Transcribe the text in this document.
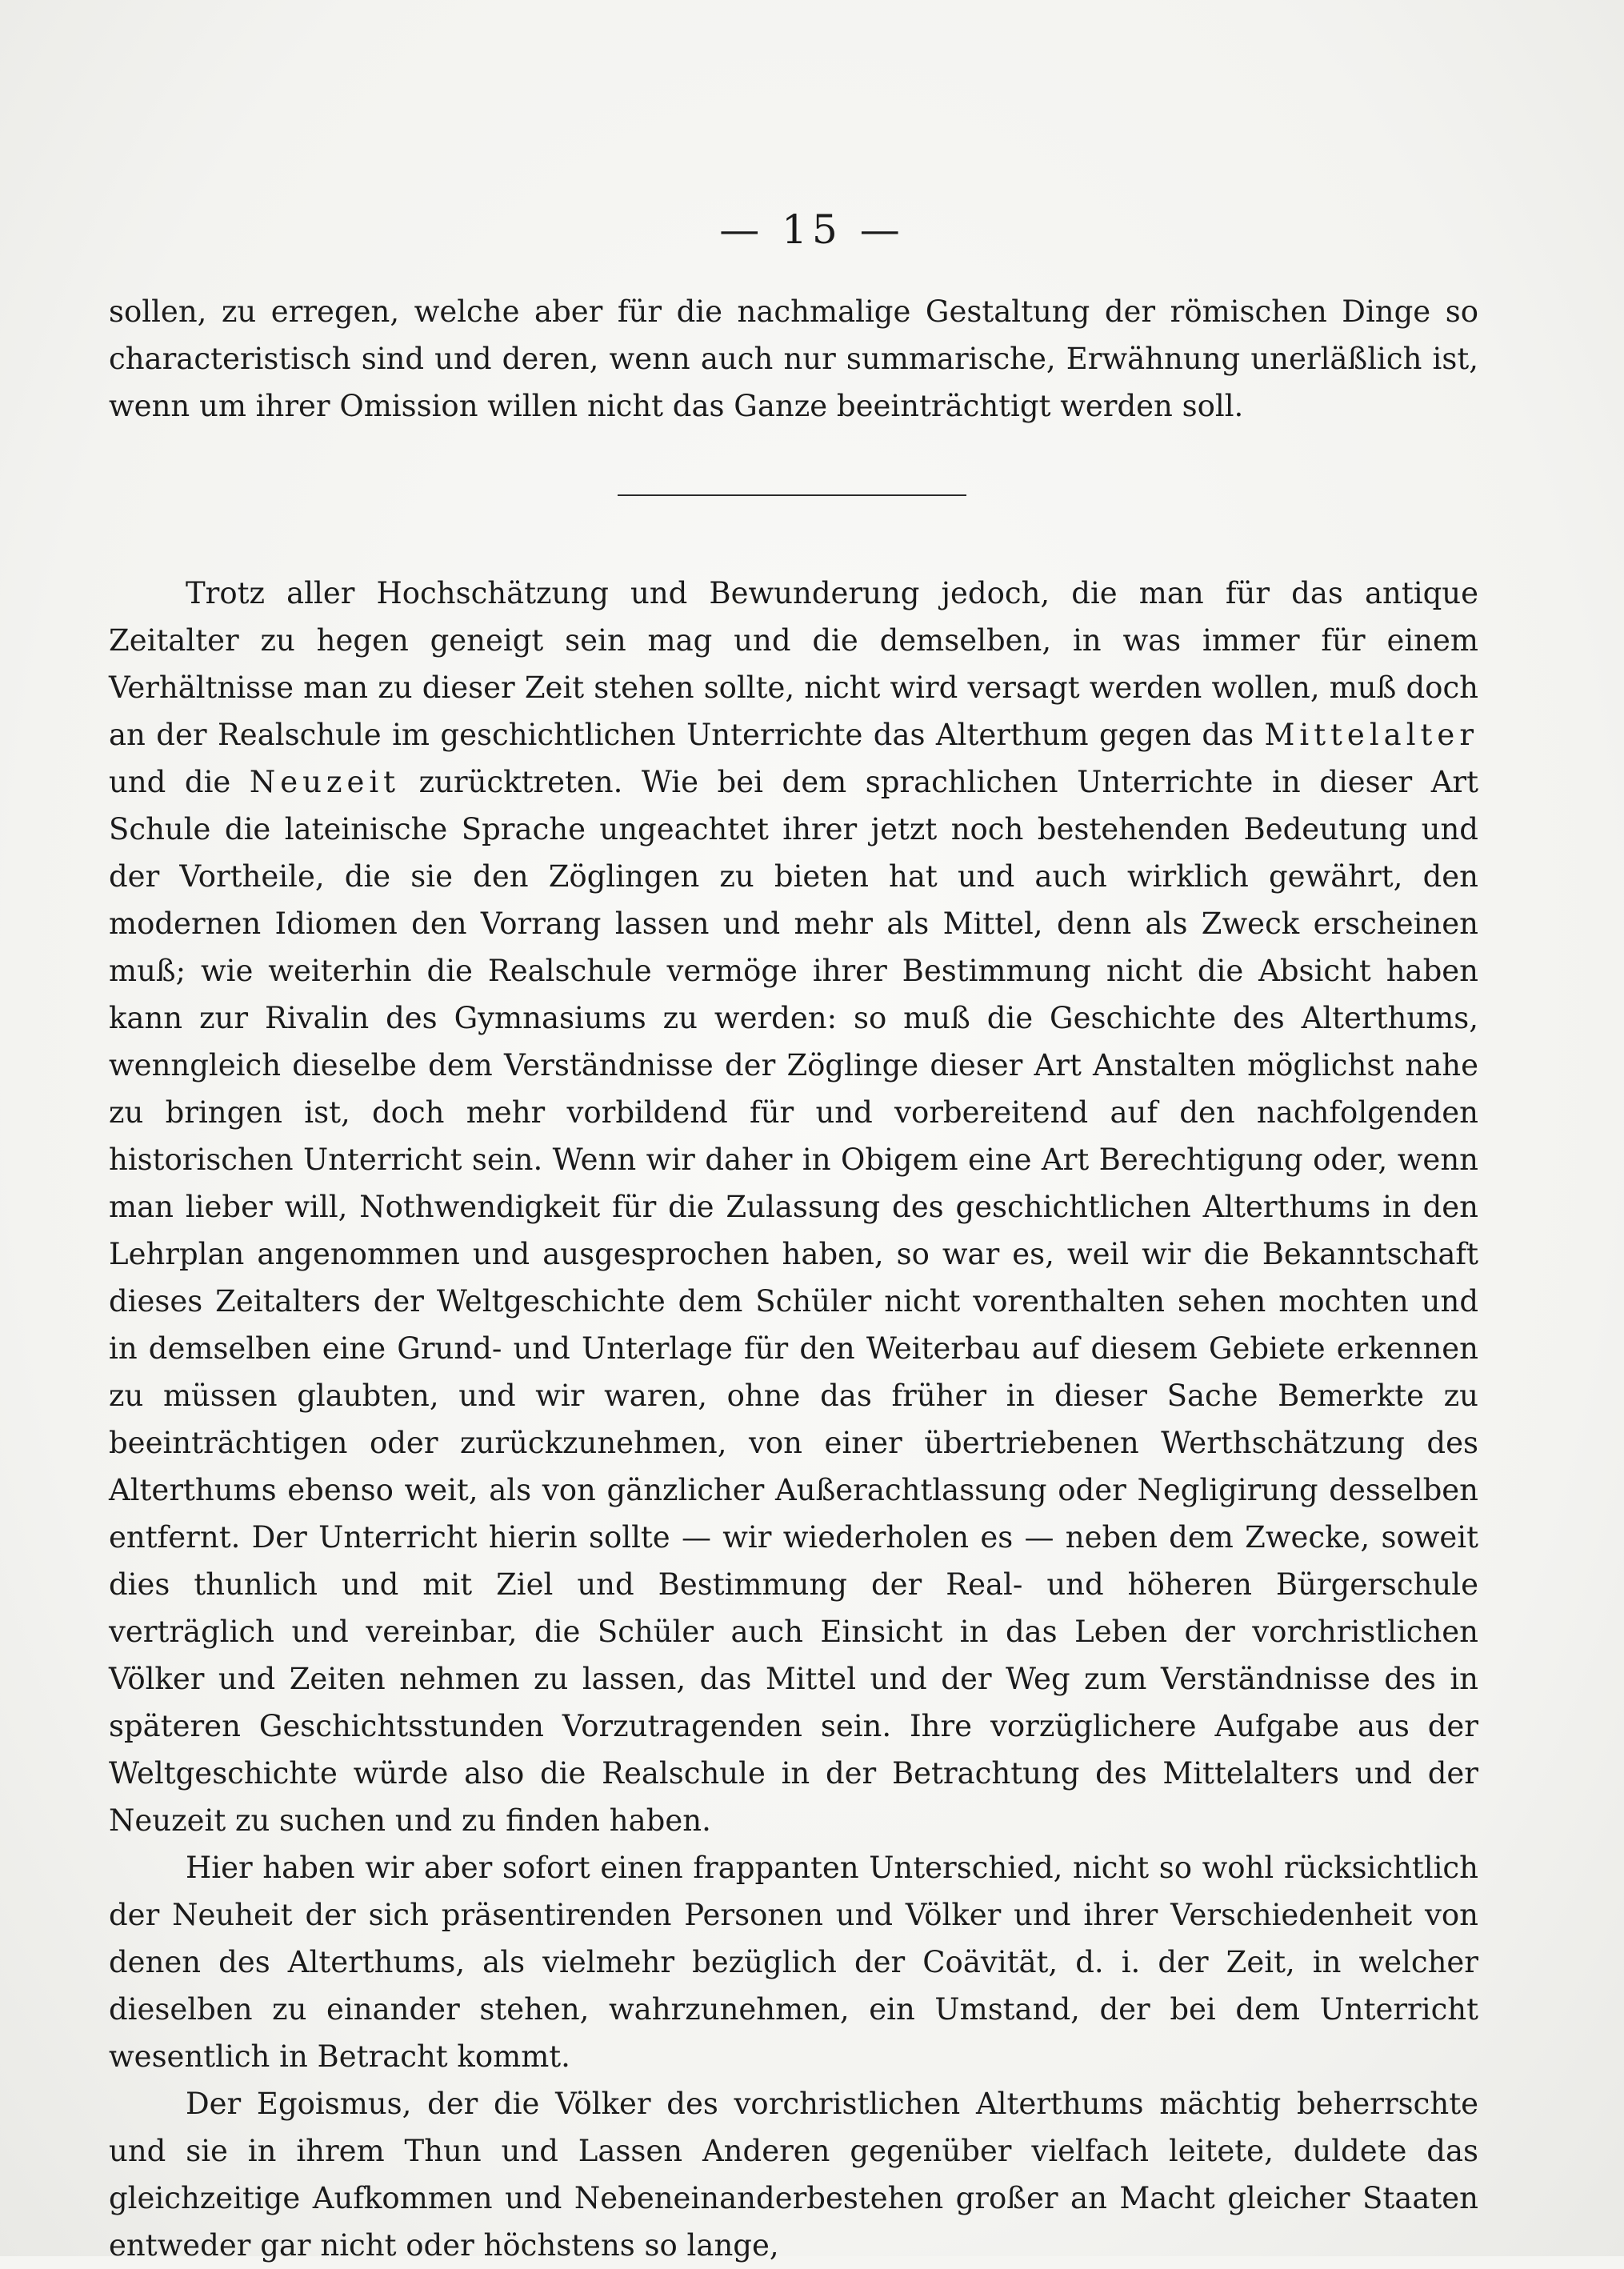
— 15 —

sollen, zu erregen, welche aber für die nachmalige Gestaltung der römischen Dinge so characteristisch sind und deren, wenn auch nur summarische, Erwähnung unerläßlich ist, wenn um ihrer Omission willen nicht das Ganze beeinträchtigt werden soll.

Trotz aller Hochschätzung und Bewunderung jedoch, die man für das antique Zeitalter zu hegen geneigt sein mag und die demselben, in was immer für einem Verhältnisse man zu dieser Zeit stehen sollte, nicht wird versagt werden wollen, muß doch an der Realschule im geschichtlichen Unterrichte das Alterthum gegen das Mittelalter und die Neuzeit zurücktreten. Wie bei dem sprachlichen Unterrichte in dieser Art Schule die lateinische Sprache ungeachtet ihrer jetzt noch bestehenden Bedeutung und der Vortheile, die sie den Zöglingen zu bieten hat und auch wirklich gewährt, den modernen Idiomen den Vorrang lassen und mehr als Mittel, denn als Zweck erscheinen muß; wie weiterhin die Realschule vermöge ihrer Bestimmung nicht die Absicht haben kann zur Rivalin des Gymnasiums zu werden: so muß die Geschichte des Alterthums, wenngleich dieselbe dem Verständnisse der Zöglinge dieser Art Anstalten möglichst nahe zu bringen ist, doch mehr vorbildend für und vorbereitend auf den nachfolgenden historischen Unterricht sein. Wenn wir daher in Obigem eine Art Berechtigung oder, wenn man lieber will, Nothwendigkeit für die Zulassung des geschichtlichen Alterthums in den Lehrplan angenommen und ausgesprochen haben, so war es, weil wir die Bekanntschaft dieses Zeitalters der Weltgeschichte dem Schüler nicht vorenthalten sehen mochten und in demselben eine Grund- und Unterlage für den Weiterbau auf diesem Gebiete erkennen zu müssen glaubten, und wir waren, ohne das früher in dieser Sache Bemerkte zu beeinträchtigen oder zurückzunehmen, von einer übertriebenen Werthschätzung des Alterthums ebenso weit, als von gänzlicher Außerachtlassung oder Negligirung desselben entfernt. Der Unterricht hierin sollte — wir wiederholen es — neben dem Zwecke, soweit dies thunlich und mit Ziel und Bestimmung der Real- und höheren Bürgerschule verträglich und vereinbar, die Schüler auch Einsicht in das Leben der vorchristlichen Völker und Zeiten nehmen zu lassen, das Mittel und der Weg zum Verständnisse des in späteren Geschichtsstunden Vorzutragenden sein. Ihre vorzüglichere Aufgabe aus der Weltgeschichte würde also die Realschule in der Betrachtung des Mittelalters und der Neuzeit zu suchen und zu finden haben.

Hier haben wir aber sofort einen frappanten Unterschied, nicht so wohl rücksichtlich der Neuheit der sich präsentirenden Personen und Völker und ihrer Verschiedenheit von denen des Alterthums, als vielmehr bezüglich der Coävität, d. i. der Zeit, in welcher dieselben zu einander stehen, wahrzunehmen, ein Umstand, der bei dem Unterricht wesentlich in Betracht kommt.

Der Egoismus, der die Völker des vorchristlichen Alterthums mächtig beherrschte und sie in ihrem Thun und Lassen Anderen gegenüber vielfach leitete, duldete das gleichzeitige Aufkommen und Nebeneinanderbestehen großer an Macht gleicher Staaten entweder gar nicht oder höchstens so lange,
